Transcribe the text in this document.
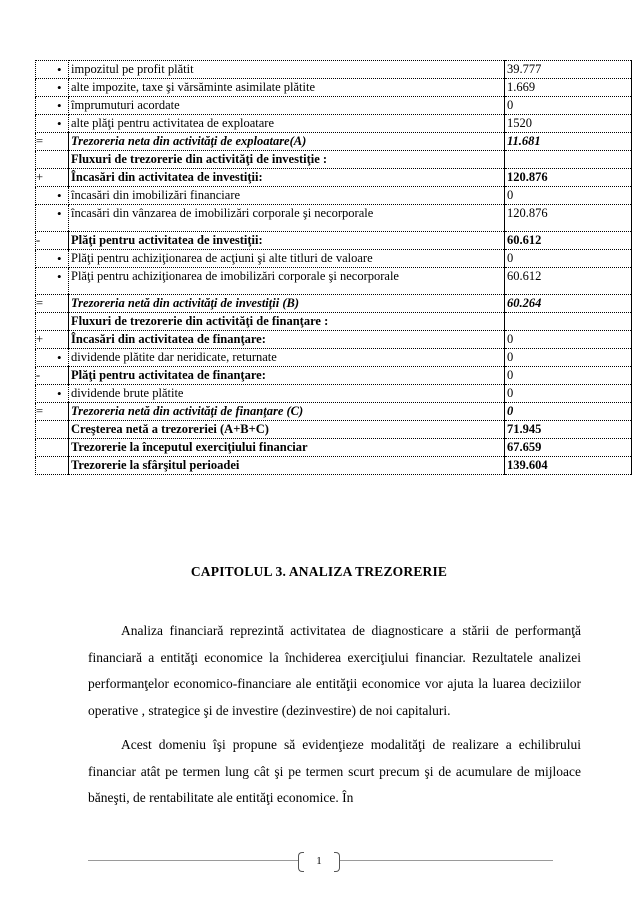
	• impozitul pe profit plătit	39.777
	• alte impozite, taxe şi vărsăminte asimilate plătite	1.669
	• împrumuturi acordate	0
	• alte plăţi pentru activitatea de exploatare	1520
=	Trezoreria neta din activităţi de exploatare(A)	11.681
	Fluxuri de trezorerie din activităţi de investiţie :	
+	Încasări din activitatea de investiţii:	120.876
	• încasări din imobilizări financiare	0
	• încasări din vânzarea de imobilizări corporale şi necorporale	120.876
-	Plăţi pentru activitatea de investiţii:	60.612
	• Plăţi pentru achiziţionarea de acţiuni şi alte titluri de valoare	0

	• Plăţi pentru achiziţionarea de imobilizări corporale şi necorporale	60.612
=	Trezoreria netă din activităţi de investiţii (B)	60.264
	Fluxuri de trezorerie din activităţi de finanţare :	
+	Încasări din activitatea de finanţare:	0
	• dividende plătite dar neridicate, returnate	0
-	Plăţi pentru activitatea de finanţare:	0
	• dividende brute plătite	0
=	Trezoreria netă din activităţi de finanţare (C)	0
	Creşterea netă a trezoreriei (A+B+C)	71.945
	Trezorerie la începutul exerciţiului financiar	67.659
	Trezorerie la sfârşitul perioadei	139.604
CAPITOLUL 3. ANALIZA TREZORERIE

Analiza financiară reprezintă activitatea de diagnosticare a stării de performanţă financiară a entităţi economice la închiderea exerciţiului financiar. Rezultatele analizei performanţelor economico-financiare ale entităţii economice vor ajuta la luarea deciziilor operative , strategice şi de investire (dezinvestire) de noi capitaluri.

Acest domeniu îşi propune să evidenţieze modalităţi de realizare a echilibrului financiar atât pe termen lung cât şi pe termen scurt precum şi de acumulare de mijloace băneşti, de rentabilitate ale entităţi economice. În

1
